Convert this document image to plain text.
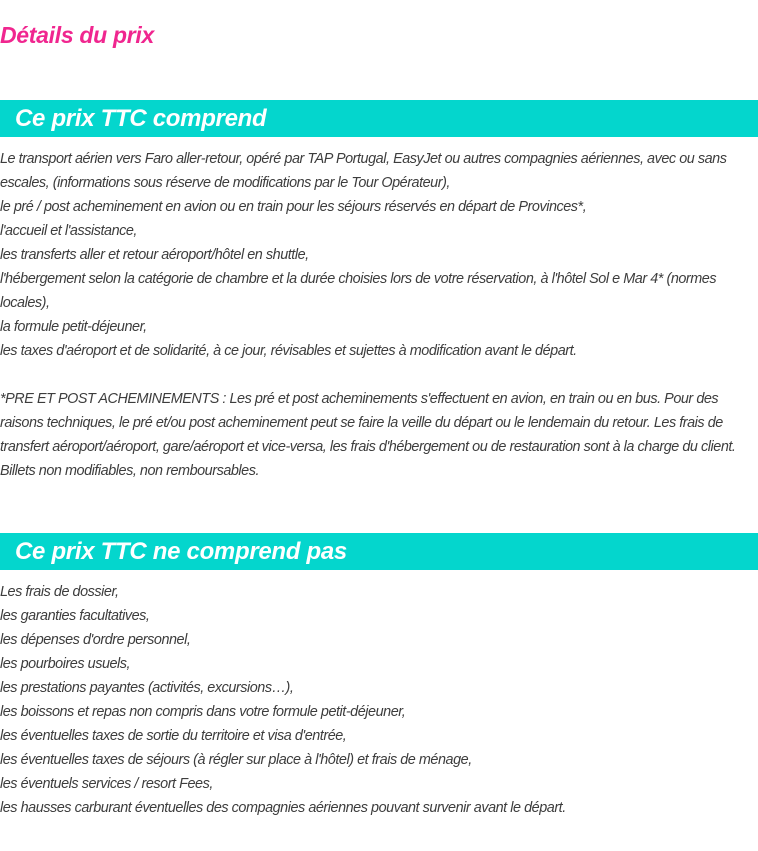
Détails du prix
Ce prix TTC comprend
Le transport aérien vers Faro aller-retour, opéré par TAP Portugal, EasyJet ou autres compagnies aériennes, avec ou sans escales, (informations sous réserve de modifications par le Tour Opérateur),
le pré / post acheminement en avion ou en train pour les séjours réservés en départ de Provinces*,
l'accueil et l'assistance,
les transferts aller et retour aéroport/hôtel en shuttle,
l'hébergement selon la catégorie de chambre et la durée choisies lors de votre réservation, à l'hôtel Sol e Mar 4* (normes locales),
la formule petit-déjeuner,
les taxes d'aéroport et de solidarité, à ce jour, révisables et sujettes à modification avant le départ.

*PRE ET POST ACHEMINEMENTS : Les pré et post acheminements s'effectuent en avion, en train ou en bus. Pour des raisons techniques, le pré et/ou post acheminement peut se faire la veille du départ ou le lendemain du retour. Les frais de transfert aéroport/aéroport, gare/aéroport et vice-versa, les frais d'hébergement ou de restauration sont à la charge du client. Billets non modifiables, non remboursables.

Ce prix TTC ne comprend pas
Les frais de dossier,
les garanties facultatives,
les dépenses d'ordre personnel,
les pourboires usuels,
les prestations payantes (activités, excursions…),
les boissons et repas non compris dans votre formule petit-déjeuner,
les éventuelles taxes de sortie du territoire et visa d'entrée,
les éventuelles taxes de séjours (à régler sur place à l'hôtel) et frais de ménage,
les éventuels services / resort Fees,
les hausses carburant éventuelles des compagnies aériennes pouvant survenir avant le départ.
